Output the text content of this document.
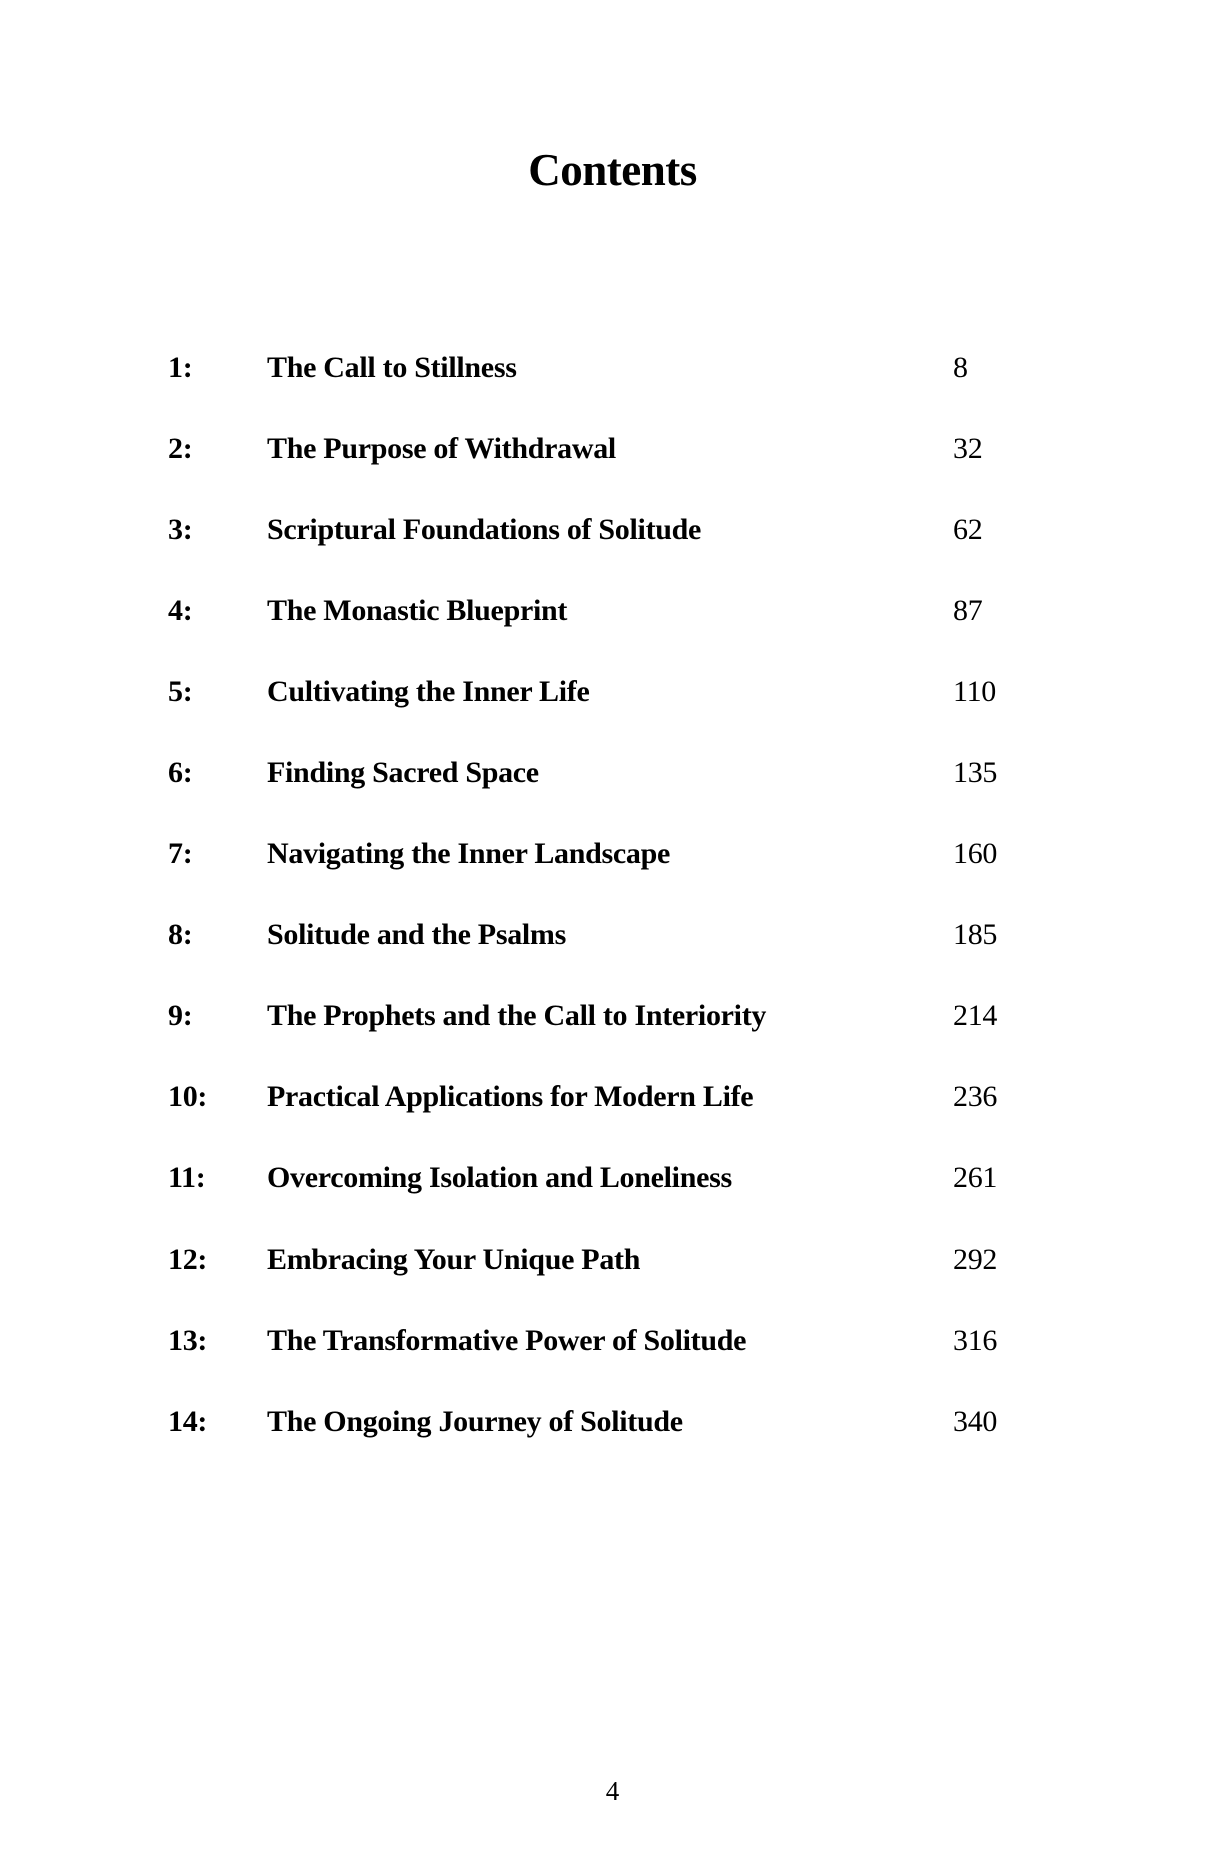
Contents
1:	The Call to Stillness	8
2:	The Purpose of Withdrawal	32
3:	Scriptural Foundations of Solitude	62
4:	The Monastic Blueprint	87
5:	Cultivating the Inner Life	110
6:	Finding Sacred Space	135
7:	Navigating the Inner Landscape	160
8:	Solitude and the Psalms	185
9:	The Prophets and the Call to Interiority	214
10:	Practical Applications for Modern Life	236
11:	Overcoming Isolation and Loneliness	261
12:	Embracing Your Unique Path	292
13:	The Transformative Power of Solitude	316
14:	The Ongoing Journey of Solitude	340
4
